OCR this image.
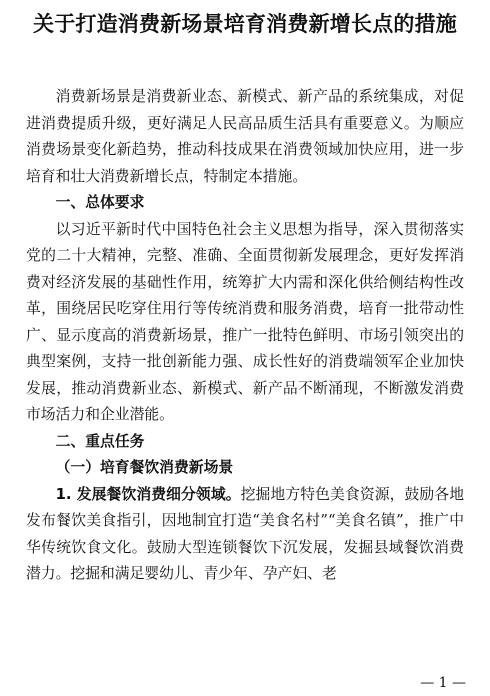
关于打造消费新场景培育消费新增长点的措施

消费新场景是消费新业态、新模式、新产品的系统集成，对促进消费提质升级，更好满足人民高品质生活具有重要意义。为顺应消费场景变化新趋势，推动科技成果在消费领域加快应用，进一步培育和壮大消费新增长点，特制定本措施。

一、总体要求

以习近平新时代中国特色社会主义思想为指导，深入贯彻落实党的二十大精神，完整、准确、全面贯彻新发展理念，更好发挥消费对经济发展的基础性作用，统筹扩大内需和深化供给侧结构性改革，围绕居民吃穿住用行等传统消费和服务消费，培育一批带动性广、显示度高的消费新场景，推广一批特色鲜明、市场引领突出的典型案例，支持一批创新能力强、成长性好的消费端领军企业加快发展，推动消费新业态、新模式、新产品不断涌现，不断激发消费市场活力和企业潜能。

二、重点任务

（一）培育餐饮消费新场景

1. 发展餐饮消费细分领域。挖掘地方特色美食资源，鼓励各地发布餐饮美食指引，因地制宜打造“美食名村”“美食名镇”，推广中华传统饮食文化。鼓励大型连锁餐饮下沉发展，发掘县域餐饮消费潜力。挖掘和满足婴幼儿、青少年、孕产妇、老

— 1 —
